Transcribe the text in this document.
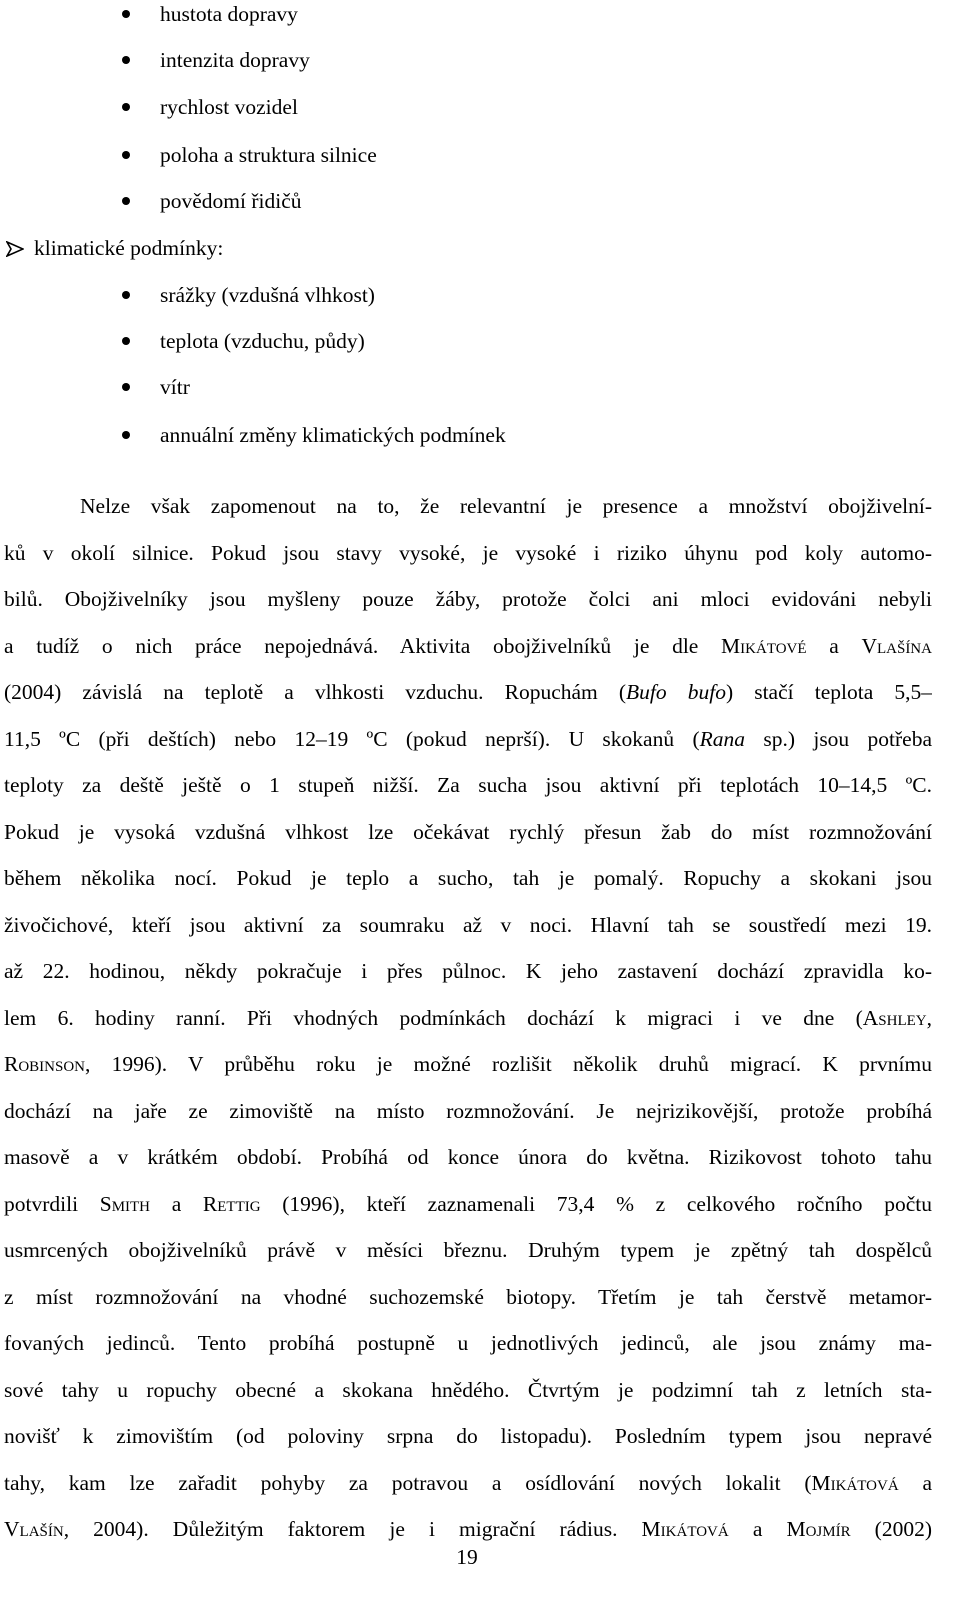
hustota dopravy
intenzita dopravy
rychlost vozidel
poloha a struktura silnice
povědomí řidičů
klimatické podmínky:
srážky (vzdušná vlhkost)
teplota (vzduchu, půdy)
vítr
annuální změny klimatických podmínek
Nelze však zapomenout na to, že relevantní je presence a množství obojživelní-
ků v okolí silnice. Pokud jsou stavy vysoké, je vysoké i riziko úhynu pod koly automo-
bilů. Obojživelníky jsou myšleny pouze žáby, protože čolci ani mloci evidováni nebyli
a tudíž o nich práce nepojednává. Aktivita obojživelníků je dle Mikátové a Vlašína
(2004) závislá na teplotě a vlhkosti vzduchu. Ropuchám (Bufo bufo) stačí teplota 5,5–
11,5 ºC (při deštích) nebo 12–19 ºC (pokud neprší). U skokanů (Rana sp.) jsou potřeba
teploty za deště ještě o 1 stupeň nižší. Za sucha jsou aktivní při teplotách 10–14,5 ºC.
Pokud je vysoká vzdušná vlhkost lze očekávat rychlý přesun žab do míst rozmnožování
během několika nocí. Pokud je teplo a sucho, tah je pomalý. Ropuchy a skokani jsou
živočichové, kteří jsou aktivní za soumraku až v noci. Hlavní tah se soustředí mezi 19.
až 22. hodinou, někdy pokračuje i přes půlnoc. K jeho zastavení dochází zpravidla ko-
lem 6. hodiny ranní. Při vhodných podmínkách dochází k migraci i ve dne (Ashley,
Robinson, 1996). V průběhu roku je možné rozlišit několik druhů migrací. K prvnímu
dochází na jaře ze zimoviště na místo rozmnožování. Je nejrizikovější, protože probíhá
masově a v krátkém období. Probíhá od konce února do května. Rizikovost tohoto tahu
potvrdili Smith a Rettig (1996), kteří zaznamenali 73,4 % z celkového ročního počtu
usmrcených obojživelníků právě v měsíci březnu. Druhým typem je zpětný tah dospělců
z míst rozmnožování na vhodné suchozemské biotopy. Třetím je tah čerstvě metamor-
fovaných jedinců. Tento probíhá postupně u jednotlivých jedinců, ale jsou známy ma-
sové tahy u ropuchy obecné a skokana hnědého. Čtvrtým je podzimní tah z letních sta-
novišť k zimovištím (od poloviny srpna do listopadu). Posledním typem jsou nepravé
tahy, kam lze zařadit pohyby za potravou a osídlování nových lokalit (Mikátová a
Vlašín, 2004). Důležitým faktorem je i migrační rádius. Mikátová a Mojmír (2002)
19
